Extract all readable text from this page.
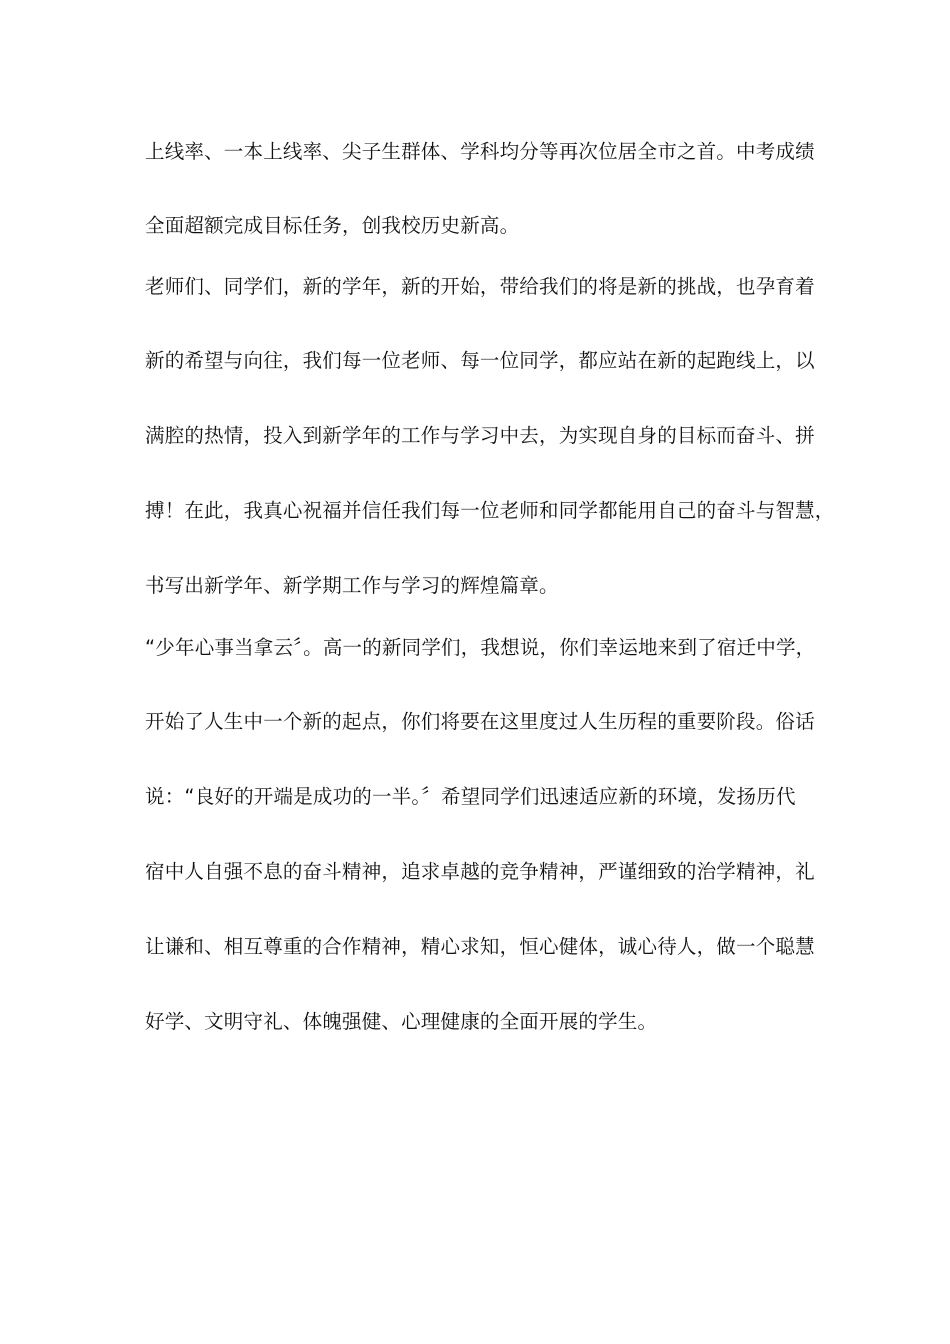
上线率、一本上线率、尖子生群体、学科均分等再次位居全市之首。中考成绩
全面超额完成目标任务，创我校历史新高。
老师们、同学们，新的学年，新的开始，带给我们的将是新的挑战，也孕育着
新的希望与向往，我们每一位老师、每一位同学，都应站在新的起跑线上，以
满腔的热情，投入到新学年的工作与学习中去，为实现自身的目标而奋斗、拼
搏！在此，我真心祝福并信任我们每一位老师和同学都能用自己的奋斗与智慧，
书写出新学年、新学期工作与学习的辉煌篇章。
“少年心事当拿云〞。高一的新同学们，我想说，你们幸运地来到了宿迁中学，
开始了人生中一个新的起点，你们将要在这里度过人生历程的重要阶段。俗话
说：“良好的开端是成功的一半。〞希望同学们迅速适应新的环境，发扬历代
宿中人自强不息的奋斗精神，追求卓越的竞争精神，严谨细致的治学精神，礼
让谦和、相互尊重的合作精神，精心求知，恒心健体，诚心待人，做一个聪慧
好学、文明守礼、体魄强健、心理健康的全面开展的学生。
